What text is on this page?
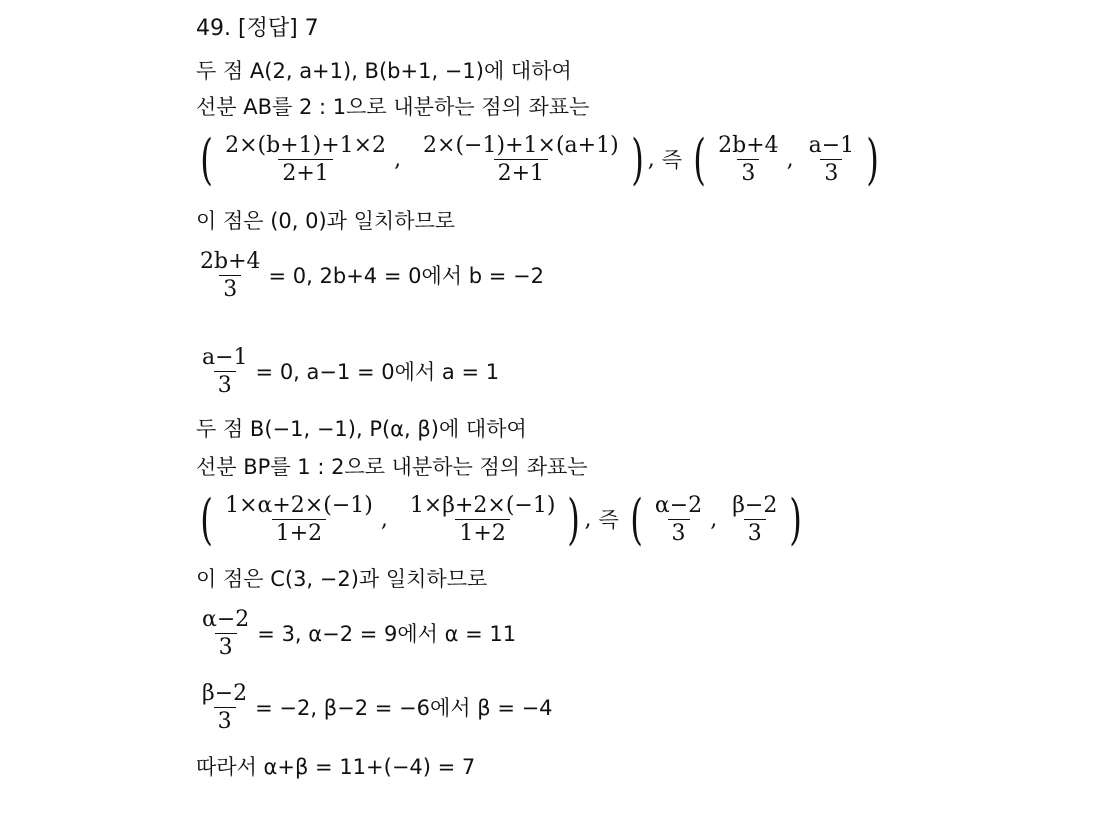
49. [정답] 7
두 점 A(2, a+1), B(b+1, −1)에 대하여
선분 AB를 2 : 1으로 내분하는 점의 좌표는
( $\frac{2\times(b+1)+1\times 2}{2+1}$ , $\frac{2\times(-1)+1\times(a+1)}{2+1}$ ) , 즉
( $\frac{2b+4}{3}$ , $\frac{a-1}{3}$ )
이 점은 (0, 0)과 일치하므로
$\frac{2b+4}{3} = 0$, 2b+4 = 0에서 b = −2
$\frac{a-1}{3} = 0$, a−1 = 0에서 a = 1
두 점 B(−1, −1), P(α, β)에 대하여
선분 BP를 1 : 2으로 내분하는 점의 좌표는
( $\frac{1\times\alpha+2\times(-1)}{1+2}$ , $\frac{1\times\beta+2\times(-1)}{1+2}$ ) , 즉
( $\frac{\alpha-2}{3}$ , $\frac{\beta-2}{3}$ )
이 점은 C(3, −2)과 일치하므로
$\frac{\alpha-2}{3} = 3$, α−2 = 9에서 α = 11
$\frac{\beta-2}{3} = -2$, β−2 = −6에서 β = −4
따라서 α+β = 11+(−4) = 7
